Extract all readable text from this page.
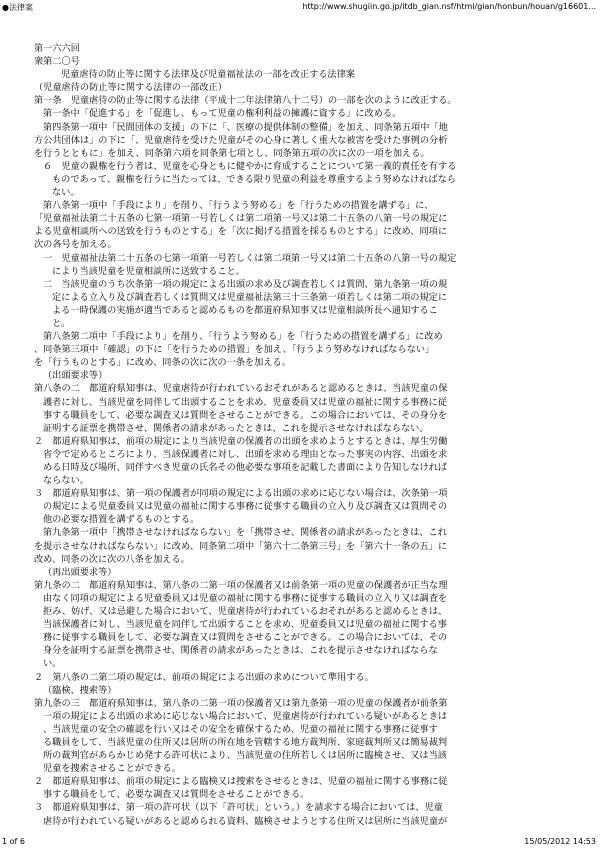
●法律案	http://www.shugiin.go.jp/itdb_gian.nsf/html/gian/honbun/houan/g16601...
第一六六回
衆第二〇号
児童虐待の防止等に関する法律及び児童福祉法の一部を改正する法律案
（児童虐待の防止等に関する法律の一部改正）
第一条　児童虐待の防止等に関する法律（平成十二年法律第八十二号）の一部を次のように改正する。
第一条中「促進する」を「促進し、もって児童の権利利益の擁護に資する」に改める。
第四条第一項中「民間団体の支援」の下に「、医療の提供体制の整備」を加え、同条第五項中「地
方公共団体は」の下に「、児童虐待を受けた児童がその心身に著しく重大な被害を受けた事例の分析
を行うとともに」を加え、同条第六項を同条第七項とし、同条第五項の次に次の一項を加える。
６　児童の親権を行う者は、児童を心身ともに健やかに育成することについて第一義的責任を有する
ものであって、親権を行うに当たっては、できる限り児童の利益を尊重するよう努めなければなら
ない。
第八条第一項中「手段により」を削り、「行うよう努める」を「行うための措置を講ずる」に、
「児童福祉法第二十五条の七第一項第一号若しくは第二項第一号又は第二十五条の八第一号の規定に
よる児童相談所への送致を行うものとする」を「次に掲げる措置を採るものとする」に改め、同項に
次の各号を加える。
一　児童福祉法第二十五条の七第一項第一号若しくは第二項第一号又は第二十五条の八第一号の規定
により当該児童を児童相談所に送致すること。
二　当該児童のうち次条第一項の規定による出頭の求め及び調査若しくは質問、第九条第一項の規
定による立入り及び調査若しくは質問又は児童福祉法第三十三条第一項若しくは第二項の規定に
よる一時保護の実施が適当であると認めるものを都道府県知事又は児童相談所長へ通知するこ
と。
第八条第二項中「手段により」を削り、「行うよう努める」を「行うための措置を講ずる」に改め
、同条第三項中「確認」の下に「を行うための措置」を加え、「行うよう努めなければならない」
を「行うものとする」に改め、同条の次に次の一条を加える。
（出頭要求等）
第八条の二　都道府県知事は、児童虐待が行われているおそれがあると認めるときは、当該児童の保
護者に対し、当該児童を同伴して出頭することを求め、児童委員又は児童の福祉に関する事務に従
事する職員をして、必要な調査又は質問をさせることができる。この場合においては、その身分を
証明する証票を携帯させ、関係者の請求があったときは、これを提示させなければならない。
２　都道府県知事は、前項の規定により当該児童の保護者の出頭を求めようとするときは、厚生労働
省令で定めるところにより、当該保護者に対し、出頭を求める理由となった事実の内容、出頭を求
める日時及び場所、同伴すべき児童の氏名その他必要な事項を記載した書面により告知しなければ
ならない。
３　都道府県知事は、第一項の保護者が同項の規定による出頭の求めに応じない場合は、次条第一項
の規定による児童委員又は児童の福祉に関する事務に従事する職員の立入り及び調査又は質問その
他の必要な措置を講ずるものとする。
第九条第一項中「携帯させなければならない」を「携帯させ、関係者の請求があったときは、これ
を提示させなければならない」に改め、同条第二項中「第六十二条第三号」を「第六十一条の五」に
改め、同条の次に次の八条を加える。
（再出頭要求等）
第九条の二　都道府県知事は、第八条の二第一項の保護者又は前条第一項の児童の保護者が正当な理
由なく同項の規定による児童委員又は児童の福祉に関する事務に従事する職員の立入り又は調査を
拒み、妨げ、又は忌避した場合において、児童虐待が行われているおそれがあると認めるときは、
当該保護者に対し、当該児童を同伴して出頭することを求め、児童委員又は児童の福祉に関する事
務に従事する職員をして、必要な調査又は質問をさせることができる。この場合においては、その
身分を証明する証票を携帯させ、関係者の請求があったときは、これを提示させなければならな
い。
２　第八条の二第二項の規定は、前項の規定による出頭の求めについて準用する。
（臨検、捜索等）
第九条の三　都道府県知事は、第八条の二第一項の保護者又は第九条第一項の児童の保護者が前条第
一項の規定による出頭の求めに応じない場合において、児童虐待が行われている疑いがあるときは
、当該児童の安全の確認を行い又はその安全を確保するため、児童の福祉に関する事務に従事す
る職員をして、当該児童の住所又は居所の所在地を管轄する地方裁判所、家庭裁判所又は簡易裁判
所の裁判官があらかじめ発する許可状により、当該児童の住所若しくは居所に臨検させ、又は当該
児童を捜索させることができる。
２　都道府県知事は、前項の規定による臨検又は捜索をさせるときは、児童の福祉に関する事務に従
事する職員をして、必要な調査又は質問をさせることができる。
３　都道府県知事は、第一項の許可状（以下「許可状」という。）を請求する場合においては、児童
虐待が行われている疑いがあると認められる資料、臨検させようとする住所又は居所に当該児童が
1 of 6	15/05/2012 14:53
